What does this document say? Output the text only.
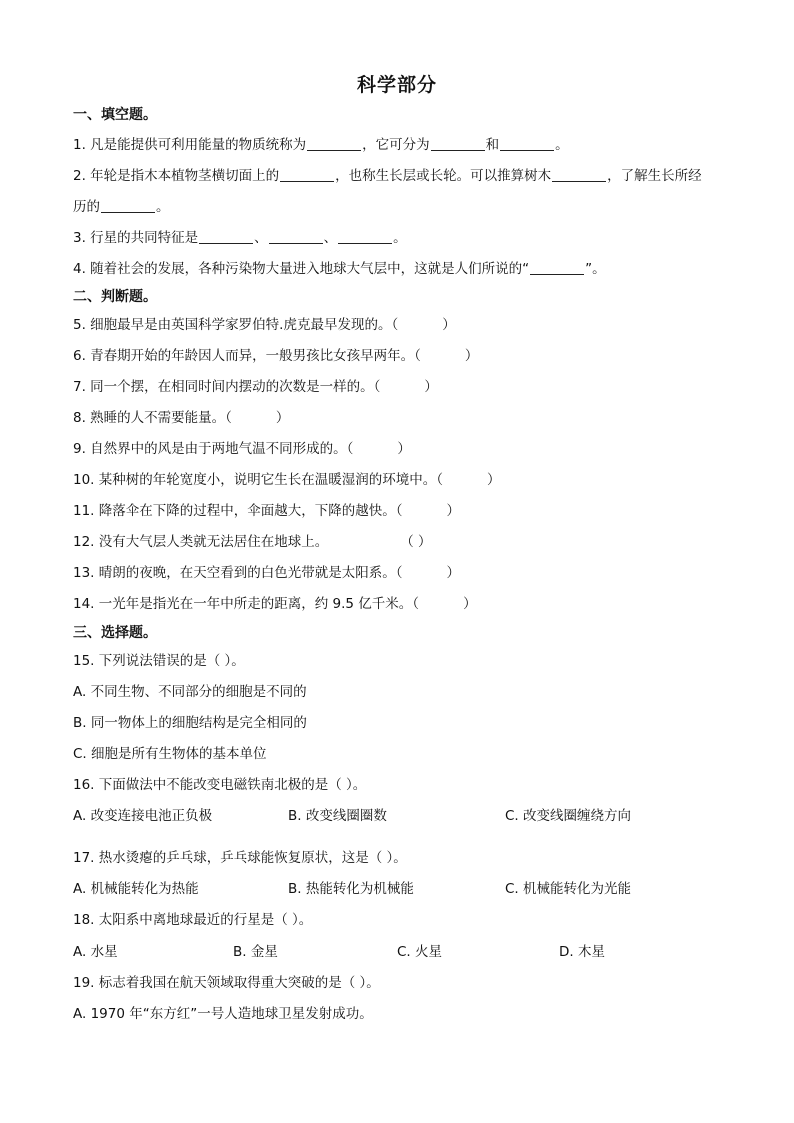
科学部分
一、填空题。
1. 凡是能提供可利用能量的物质统称为	，它可分为	和	。
2. 年轮是指木本植物茎横切面上的	，也称生长层或长轮。可以推算树木	，了解生长所经
历的	。
3. 行星的共同特征是	、	、	。
4. 随着社会的发展，各种污染物大量进入地球大气层中，这就是人们所说的“	”。
二、判断题。
5. 细胞最早是由英国科学家罗伯特.虎克最早发现的。（	）
6. 青春期开始的年龄因人而异，一般男孩比女孩早两年。（	）
7. 同一个摆，在相同时间内摆动的次数是一样的。（	）
8. 熟睡的人不需要能量。（	）
9. 自然界中的风是由于两地气温不同形成的。（	）
10. 某种树的年轮宽度小，说明它生长在温暖湿润的环境中。（	）
11. 降落伞在下降的过程中，伞面越大，下降的越快。（	）
12. 没有大气层人类就无法居住在地球上。	（ ）
13. 晴朗的夜晚，在天空看到的白色光带就是太阳系。（	）
14. 一光年是指光在一年中所走的距离，约 9.5 亿千米。（	）
三、选择题。
15. 下列说法错误的是（ ）。
A. 不同生物、不同部分的细胞是不同的
B. 同一物体上的细胞结构是完全相同的
C. 细胞是所有生物体的基本单位
16. 下面做法中不能改变电磁铁南北极的是（ ）。
A. 改变连接电池正负极	B. 改变线圈圈数	C. 改变线圈缠绕方向
17. 热水烫瘪的乒乓球，乒乓球能恢复原状，这是（ ）。
A. 机械能转化为热能	B. 热能转化为机械能	C. 机械能转化为光能
18. 太阳系中离地球最近的行星是（ ）。
A. 水星	B. 金星	C. 火星	D. 木星
19. 标志着我国在航天领域取得重大突破的是（ ）。
A. 1970 年“东方红”一号人造地球卫星发射成功。
